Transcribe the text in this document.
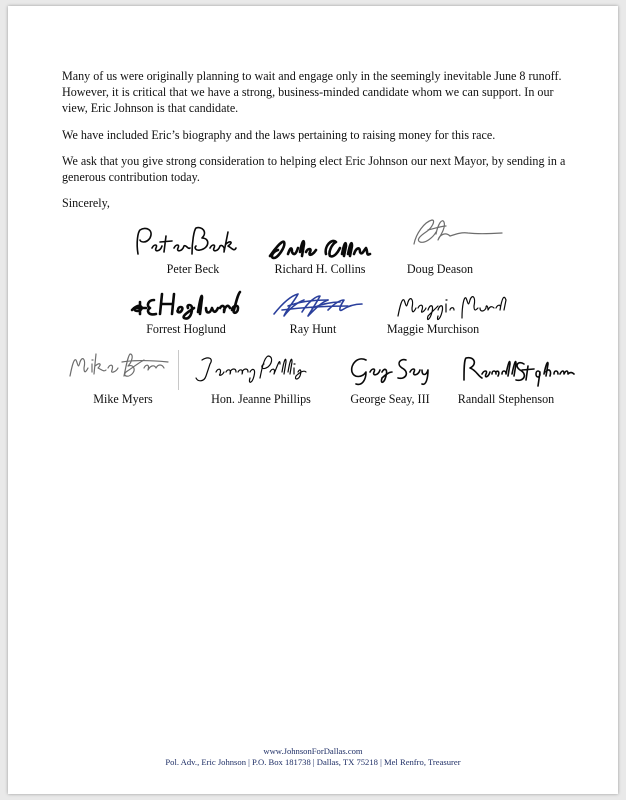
Many of us were originally planning to wait and engage only in the seemingly inevitable June 8 runoff. However, it is critical that we have a strong, business-minded candidate whom we can support. In our view, Eric Johnson is that candidate.

We have included Eric’s biography and the laws pertaining to raising money for this race.

We ask that you give strong consideration to helping elect Eric Johnson our next Mayor, by sending in a generous contribution today.

Sincerely,

Peter Beck	Richard H. Collins	Doug Deason
Forrest Hoglund	Ray Hunt	Maggie Murchison
Mike Myers	Hon. Jeanne Phillips	George Seay, III Randall Stephenson
www.JohnsonForDallas.com
Pol. Adv., Eric Johnson | P.O. Box 181738 | Dallas, TX 75218 | Mel Renfro, Treasurer
